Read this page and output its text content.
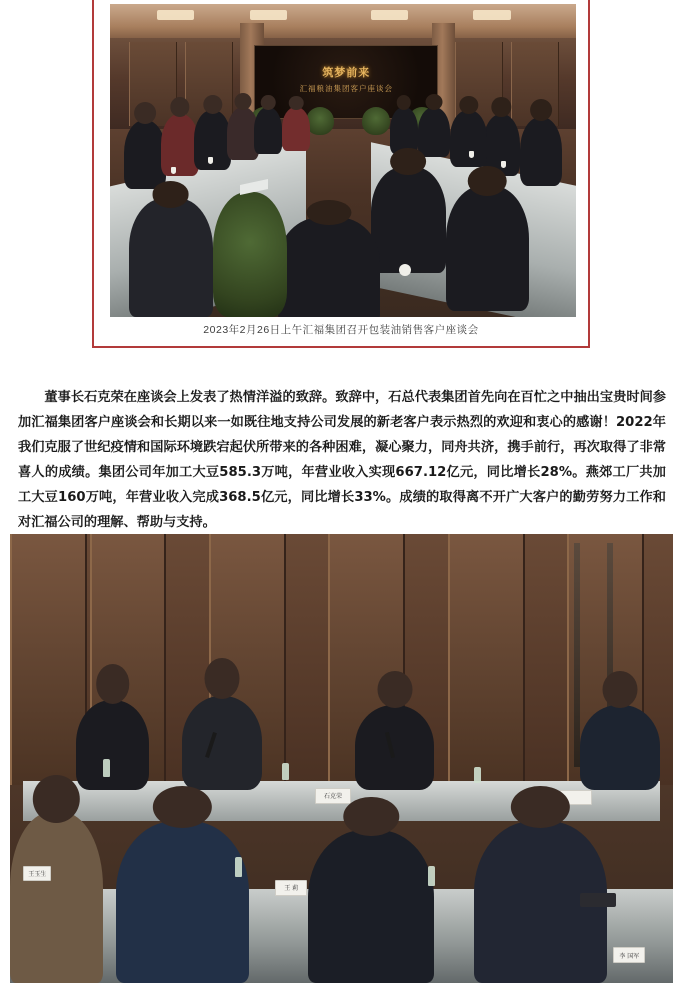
筑梦前来
汇福粮油集团客户座谈会
2023年2月26日上午汇福集团召开包装油销售客户座谈会

董事长石克荣在座谈会上发表了热情洋溢的致辞。致辞中，石总代表集团首先向在百忙之中抽出宝贵时间参加汇福集团客户座谈会和长期以来一如既往地支持公司发展的新老客户表示热烈的欢迎和衷心的感谢！2022年我们克服了世纪疫情和国际环境跌宕起伏所带来的各种困难，凝心聚力，同舟共济，携手前行，再次取得了非常喜人的成绩。集团公司年加工大豆585.3万吨，年营业收入实现667.12亿元，同比增长28%。燕郊工厂共加工大豆160万吨，年营业收入完成368.5亿元，同比增长33%。成绩的取得离不开广大客户的勤劳努力工作和对汇福公司的理解、帮助与支持。

石克荣
王玉生
王 莉
李 国军
